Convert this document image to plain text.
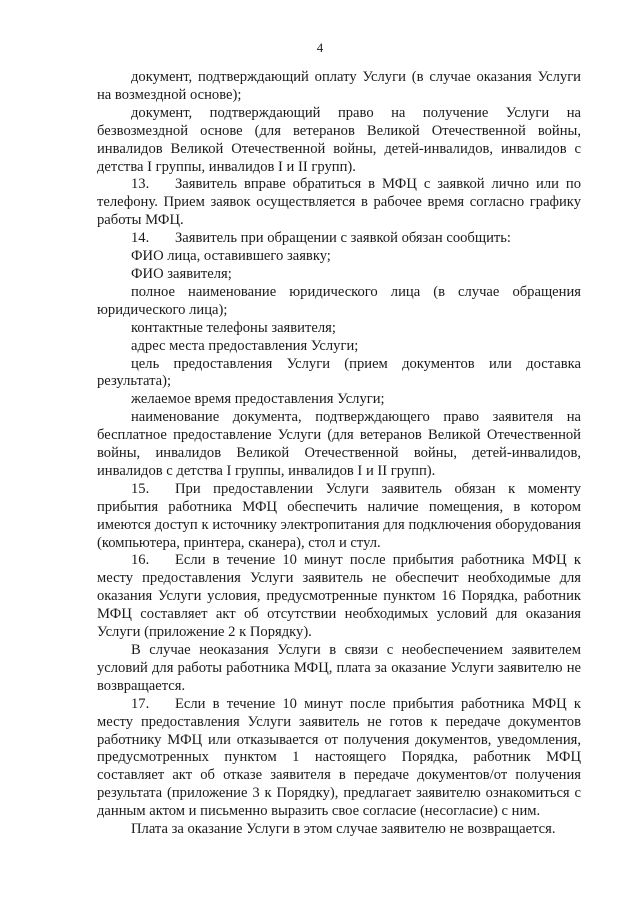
4

документ, подтверждающий оплату Услуги (в случае оказания Услуги на возмездной основе);

документ, подтверждающий право на получение Услуги на безвозмездной основе (для ветеранов Великой Отечественной войны, инвалидов Великой Отечественной войны, детей-инвалидов, инвалидов с детства I группы, инвалидов I и II групп).

13. Заявитель вправе обратиться в МФЦ с заявкой лично или по телефону. Прием заявок осуществляется в рабочее время согласно графику работы МФЦ.

14. Заявитель при обращении с заявкой обязан сообщить:

ФИО лица, оставившего заявку;

ФИО заявителя;

полное наименование юридического лица (в случае обращения юридического лица);

контактные телефоны заявителя;

адрес места предоставления Услуги;

цель предоставления Услуги (прием документов или доставка результата);

желаемое время предоставления Услуги;

наименование документа, подтверждающего право заявителя на бесплатное предоставление Услуги (для ветеранов Великой Отечественной войны, инвалидов Великой Отечественной войны, детей-инвалидов, инвалидов с детства I группы, инвалидов I и II групп).

15. При предоставлении Услуги заявитель обязан к моменту прибытия работника МФЦ обеспечить наличие помещения, в котором имеются доступ к источнику электропитания для подключения оборудования (компьютера, принтера, сканера), стол и стул.

16. Если в течение 10 минут после прибытия работника МФЦ к месту предоставления Услуги заявитель не обеспечит необходимые для оказания Услуги условия, предусмотренные пунктом 16 Порядка, работник МФЦ составляет акт об отсутствии необходимых условий для оказания Услуги (приложение 2 к Порядку).

В случае неоказания Услуги в связи с необеспечением заявителем условий для работы работника МФЦ, плата за оказание Услуги заявителю не возвращается.

17. Если в течение 10 минут после прибытия работника МФЦ к месту предоставления Услуги заявитель не готов к передаче документов работнику МФЦ или отказывается от получения документов, уведомления, предусмотренных пунктом 1 настоящего Порядка, работник МФЦ составляет акт об отказе заявителя в передаче документов/от получения результата (приложение 3 к Порядку), предлагает заявителю ознакомиться с данным актом и письменно выразить свое согласие (несогласие) с ним.

Плата за оказание Услуги в этом случае заявителю не возвращается.
